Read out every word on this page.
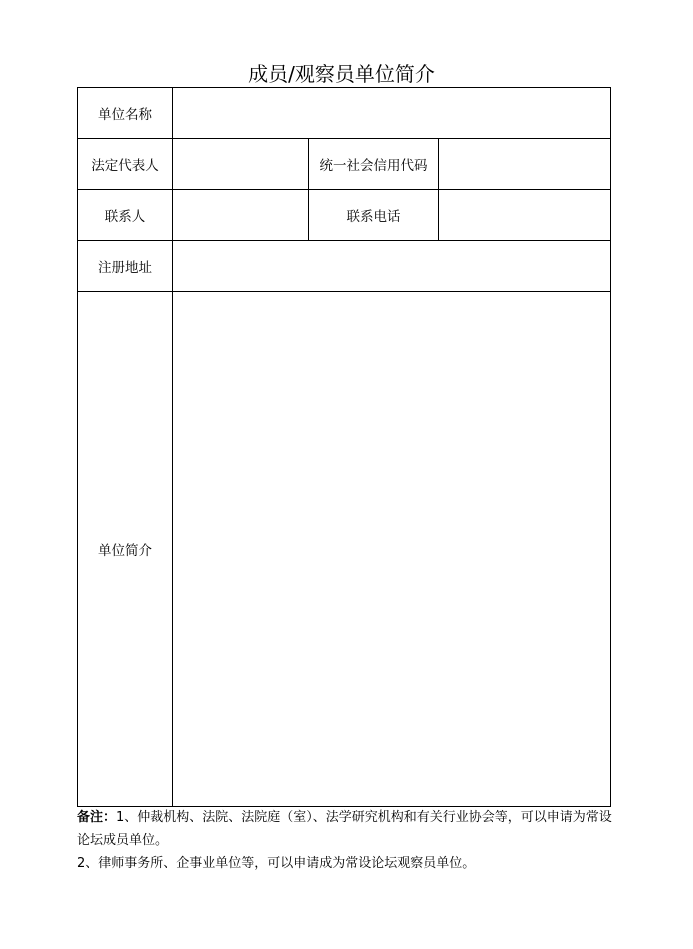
成员/观察员单位简介
单位名称			
法定代表人		统一社会信用代码	
联系人		联系电话	
注册地址			
单位简介			

备注：1、仲裁机构、法院、法院庭（室）、法学研究机构和有关行业协会等，可以申请为常设论坛成员单位。

2、律师事务所、企事业单位等，可以申请成为常设论坛观察员单位。
